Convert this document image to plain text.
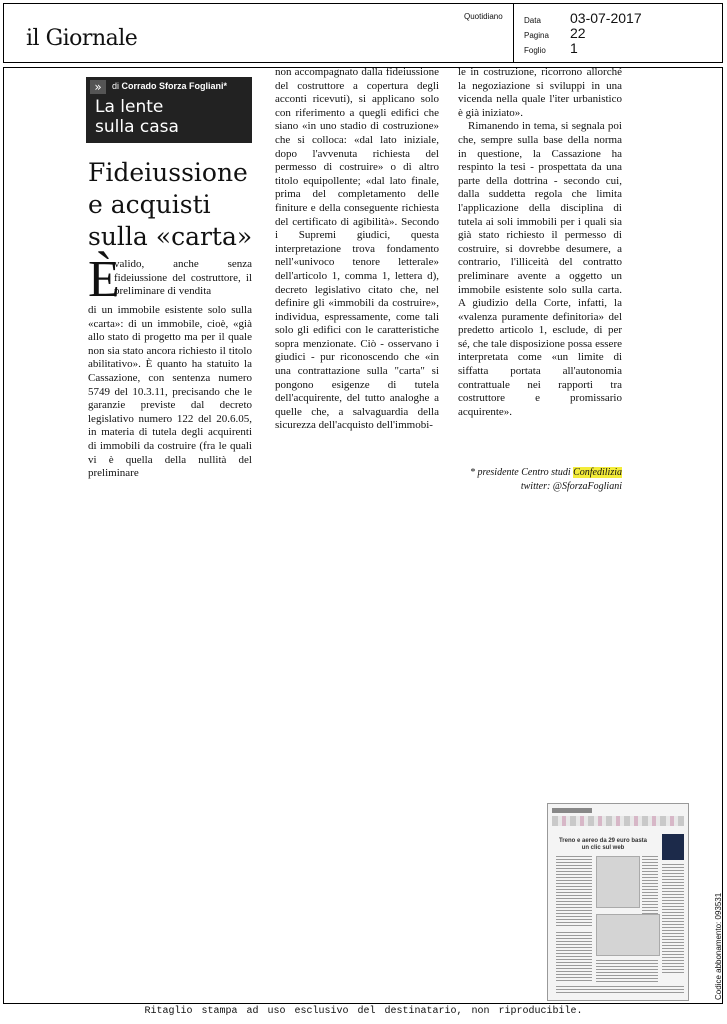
il Giornale
Quotidiano	Data	03-07-2017
Pagina	22
Foglio	1
»	di Corrado Sforza Fogliani*
La lente
sulla casa
Fideiussione
e acquisti
sulla «carta»
È
valido, anche senza fideiussione del costruttore, il preliminare di vendita

di un immobile esistente solo sulla «carta»: di un immobile, cioè, «già allo stato di progetto ma per il quale non sia stato ancora richiesto il titolo abilitativo». È quanto ha statuito la Cassazione, con sentenza numero 5749 del 10.3.11, precisando che le garanzie previste dal decreto legislativo numero 122 del 20.6.05, in materia di tutela degli acquirenti di immobili da costruire (fra le quali vi è quella della nullità del preliminare

non accompagnato dalla fideiussione del costruttore a copertura degli acconti ricevuti), si applicano solo con riferimento a quegli edifici che siano «in uno stadio di costruzione» che si colloca: «dal lato iniziale, dopo l'avvenuta richiesta del permesso di costruire» o di altro titolo equipollente; «dal lato finale, prima del completamento delle finiture e della conseguente richiesta del certificato di agibilità». Secondo i Supremi giudici, questa interpretazione trova fondamento nell'«univoco tenore letterale» dell'articolo 1, comma 1, lettera d), decreto legislativo citato che, nel definire gli «immobili da costruire», individua, espressamente, come tali solo gli edifici con le caratteristiche sopra menzionate. Ciò - osservano i giudici - pur riconoscendo che «in una contrattazione sulla "carta" si pongono esigenze di tutela dell'acquirente, del tutto analoghe a quelle che, a salvaguardia della sicurezza dell'acquisto dell'immobi-

le in costruzione, ricorrono allorché la negoziazione si sviluppi in una vicenda nella quale l'iter urbanistico è già iniziato».

Rimanendo in tema, si segnala poi che, sempre sulla base della norma in questione, la Cassazione ha respinto la tesi - prospettata da una parte della dottrina - secondo cui, dalla suddetta regola che limita l'applicazione della disciplina di tutela ai soli immobili per i quali sia già stato richiesto il permesso di costruire, si dovrebbe desumere, a contrario, l'illiceità del contratto preliminare avente a oggetto un immobile esistente solo sulla carta. A giudizio della Corte, infatti, la «valenza puramente definitoria» del predetto articolo 1, esclude, di per sé, che tale disposizione possa essere interpretata come «un limite di siffatta portata all'autonomia contrattuale nei rapporti tra costruttore e promissario acquirente».

* presidente Centro studi Confedilizia
twitter: @SforzaFogliani
Treno e aereo da 29 euro basta un clic sul web
Codice abbonamento: 093531
Ritaglio stampa ad uso esclusivo del destinatario, non riproducibile.
